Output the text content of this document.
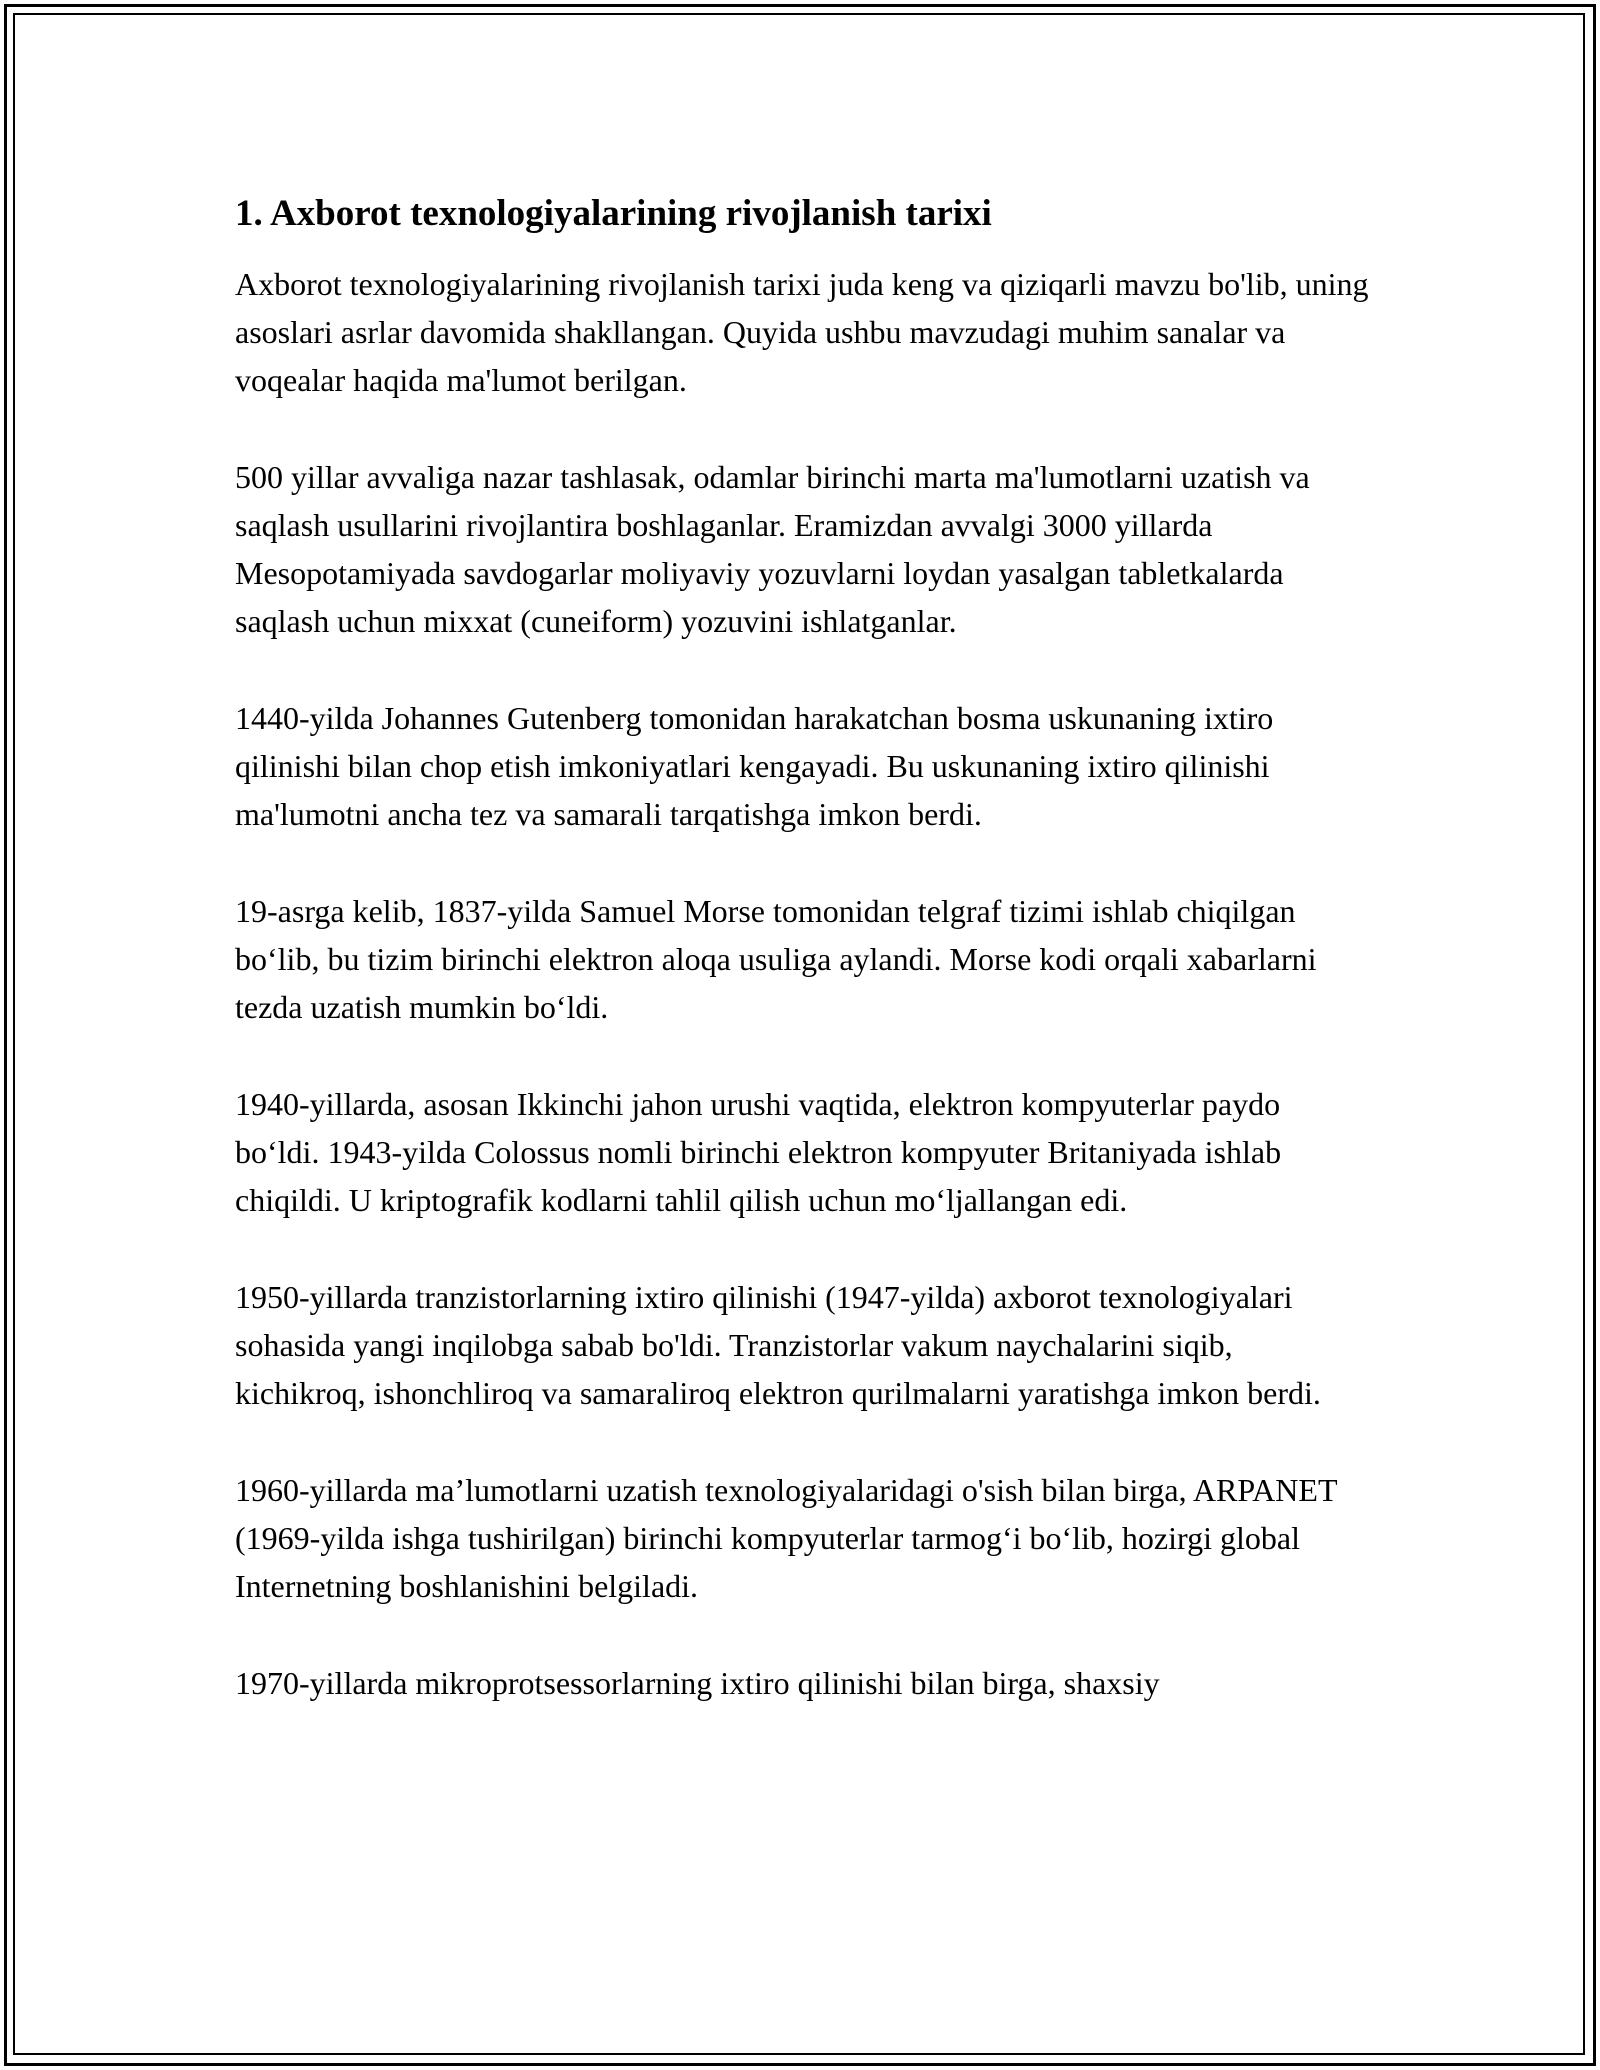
1. Axborot texnologiyalarining rivojlanish tarixi

Axborot texnologiyalarining rivojlanish tarixi juda keng va qiziqarli mavzu bo'lib, uning asoslari asrlar davomida shakllangan. Quyida ushbu mavzudagi muhim sanalar va voqealar haqida ma'lumot berilgan.

500 yillar avvaliga nazar tashlasak, odamlar birinchi marta ma'lumotlarni uzatish va saqlash usullarini rivojlantira boshlaganlar. Eramizdan avvalgi 3000 yillarda Mesopotamiyada savdogarlar moliyaviy yozuvlarni loydan yasalgan tabletkalarda saqlash uchun mixxat (cuneiform) yozuvini ishlatganlar.

1440-yilda Johannes Gutenberg tomonidan harakatchan bosma uskunaning ixtiro qilinishi bilan chop etish imkoniyatlari kengayadi. Bu uskunaning ixtiro qilinishi ma'lumotni ancha tez va samarali tarqatishga imkon berdi.

19-asrga kelib, 1837-yilda Samuel Morse tomonidan telgraf tizimi ishlab chiqilgan bo‘lib, bu tizim birinchi elektron aloqa usuliga aylandi. Morse kodi orqali xabarlarni tezda uzatish mumkin bo‘ldi.

1940-yillarda, asosan Ikkinchi jahon urushi vaqtida, elektron kompyuterlar paydo bo‘ldi. 1943-yilda Colossus nomli birinchi elektron kompyuter Britaniyada ishlab chiqildi. U kriptografik kodlarni tahlil qilish uchun mo‘ljallangan edi.

1950-yillarda tranzistorlarning ixtiro qilinishi (1947-yilda) axborot texnologiyalari sohasida yangi inqilobga sabab bo'ldi. Tranzistorlar vakum naychalarini siqib, kichikroq, ishonchliroq va samaraliroq elektron qurilmalarni yaratishga imkon berdi.

1960-yillarda ma’lumotlarni uzatish texnologiyalaridagi o'sish bilan birga, ARPANET (1969-yilda ishga tushirilgan) birinchi kompyuterlar tarmog‘i bo‘lib, hozirgi global Internetning boshlanishini belgiladi.

1970-yillarda mikroprotsessorlarning ixtiro qilinishi bilan birga, shaxsiy
